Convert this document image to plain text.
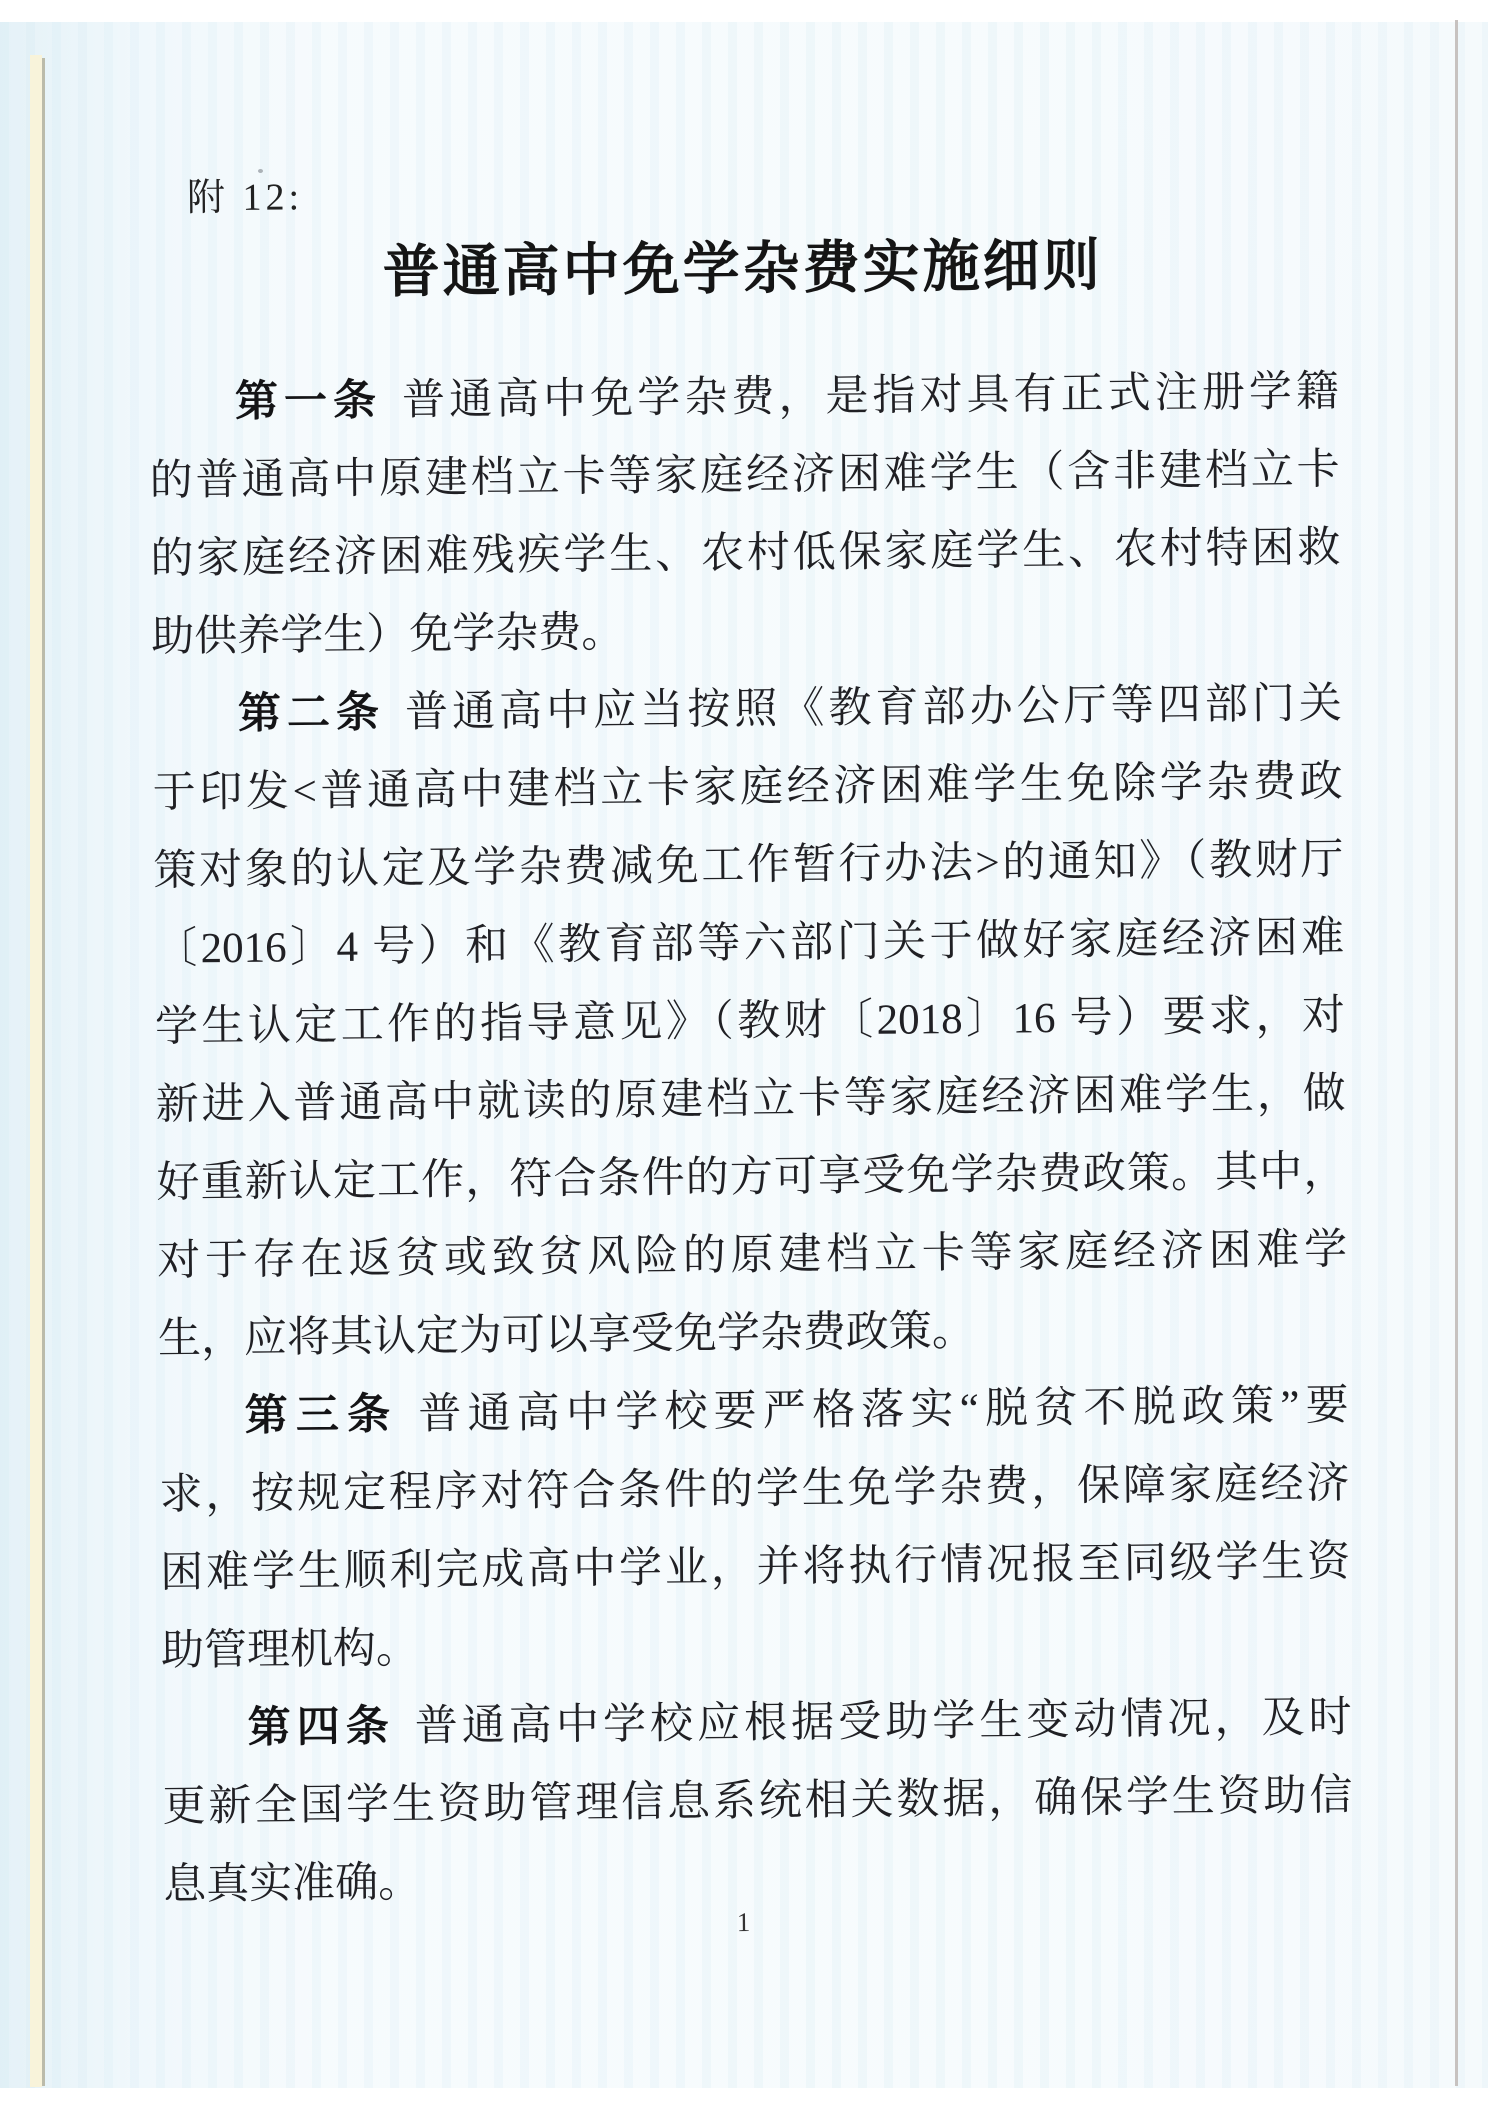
附 12:
普通高中免学杂费实施细则
第一条 普通高中免学杂费，是指对具有正式注册学籍
的普通高中原建档立卡等家庭经济困难学生（含非建档立卡
的家庭经济困难残疾学生、农村低保家庭学生、农村特困救
助供养学生）免学杂费。
第二条 普通高中应当按照《教育部办公厅等四部门关
于印发<普通高中建档立卡家庭经济困难学生免除学杂费政
策对象的认定及学杂费减免工作暂行办法>的通知》（教财厅
〔2016〕4 号）和《教育部等六部门关于做好家庭经济困难
学生认定工作的指导意见》（教财〔2018〕16 号）要求，对
新进入普通高中就读的原建档立卡等家庭经济困难学生，做
好重新认定工作，符合条件的方可享受免学杂费政策。其中，
对于存在返贫或致贫风险的原建档立卡等家庭经济困难学
生，应将其认定为可以享受免学杂费政策。
第三条 普通高中学校要严格落实“脱贫不脱政策”要
求，按规定程序对符合条件的学生免学杂费，保障家庭经济
困难学生顺利完成高中学业，并将执行情况报至同级学生资
助管理机构。
第四条 普通高中学校应根据受助学生变动情况，及时
更新全国学生资助管理信息系统相关数据，确保学生资助信
息真实准确。
1
